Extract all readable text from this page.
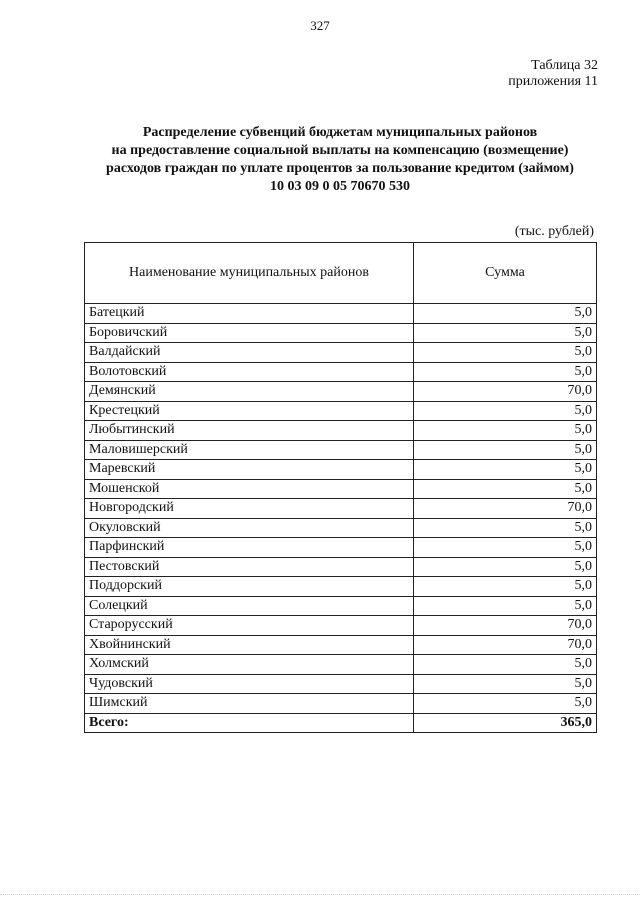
327
Таблица 32
приложения 11
Распределение субвенций бюджетам муниципальных районов
на предоставление социальной выплаты на компенсацию (возмещение)
расходов граждан по уплате процентов за пользование кредитом (займом)
10 03 09 0 05 70670 530
(тыс. рублей)
Наименование муниципальных районов	Сумма
Батецкий	5,0
Боровичский	5,0
Валдайский	5,0
Волотовский	5,0
Демянский	70,0
Крестецкий	5,0
Любытинский	5,0
Маловишерский	5,0
Маревский	5,0
Мошенской	5,0
Новгородский	70,0
Окуловский	5,0
Парфинский	5,0
Пестовский	5,0
Поддорский	5,0
Солецкий	5,0
Старорусский	70,0
Хвойнинский	70,0
Холмский	5,0
Чудовский	5,0
Шимский	5,0
Всего:	365,0
